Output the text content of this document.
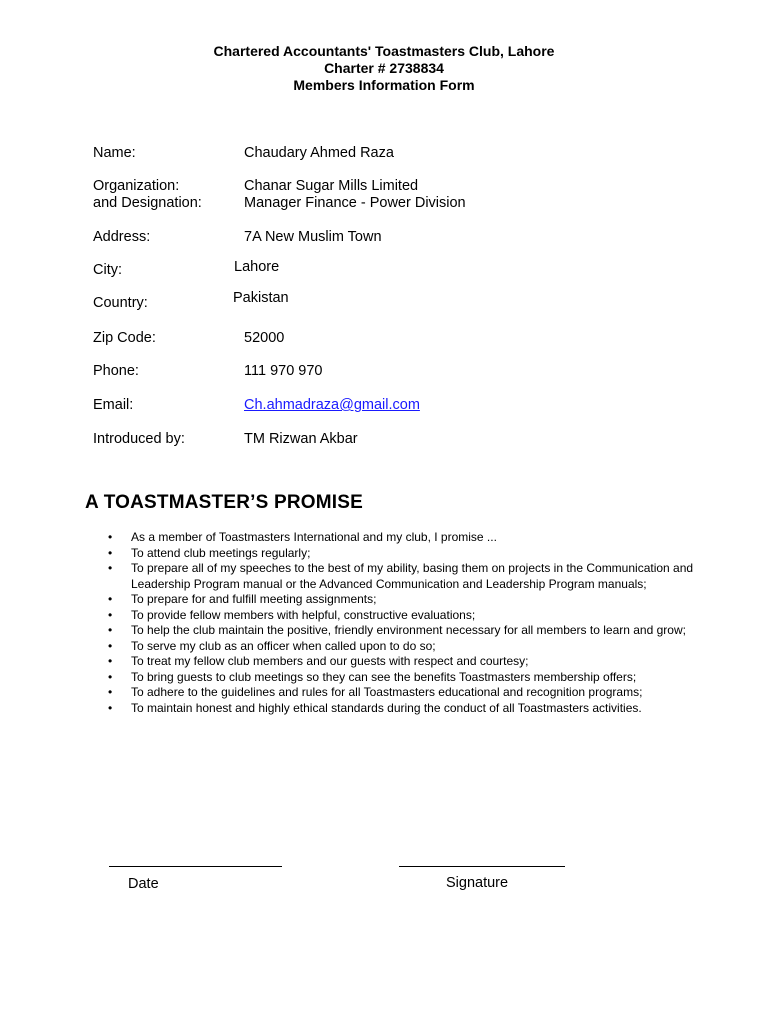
Chartered Accountants' Toastmasters Club, Lahore
Charter # 2738834
Members Information Form
Name:	Chaudary Ahmed Raza
Organization:	Chanar Sugar Mills Limited
and Designation:	Manager Finance - Power Division
Address:	7A New Muslim Town
City:	Lahore
Country:	Pakistan
Zip Code:	52000
Phone:	111 970 970
Email:	Ch.ahmadraza@gmail.com
Introduced by:	TM Rizwan Akbar
A TOASTMASTER’S PROMISE
• As a member of Toastmasters International and my club, I promise ...
• To attend club meetings regularly;
• To prepare all of my speeches to the best of my ability, basing them on projects in the Communication and Leadership Program manual or the Advanced Communication and Leadership Program manuals;
• To prepare for and fulfill meeting assignments;
• To provide fellow members with helpful, constructive evaluations;
• To help the club maintain the positive, friendly environment necessary for all members to learn and grow;
• To serve my club as an officer when called upon to do so;
• To treat my fellow club members and our guests with respect and courtesy;
• To bring guests to club meetings so they can see the benefits Toastmasters membership offers;
• To adhere to the guidelines and rules for all Toastmasters educational and recognition programs;
• To maintain honest and highly ethical standards during the conduct of all Toastmasters activities.
Date	Signature
